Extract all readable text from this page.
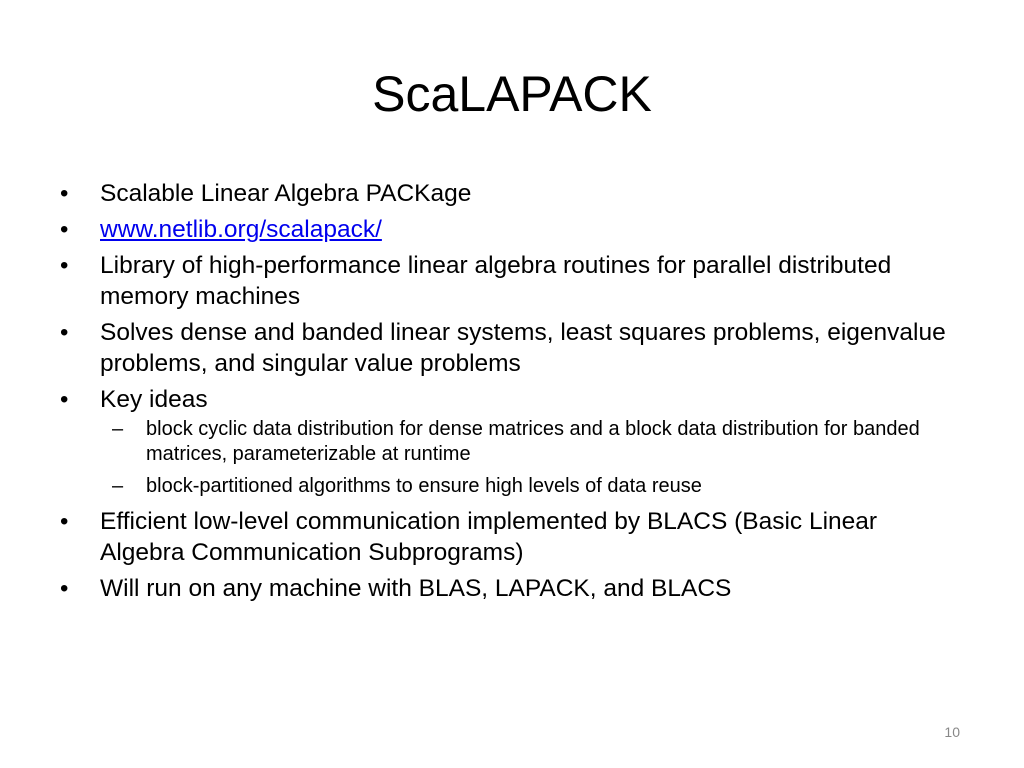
ScaLAPACK
• Scalable Linear Algebra PACKage
• www.netlib.org/scalapack/
• Library of high-performance linear algebra routines for parallel distributed memory machines
• Solves dense and banded linear systems, least squares problems, eigenvalue problems, and singular value problems
• Key ideas
– block cyclic data distribution for dense matrices and a block data distribution for banded matrices, parameterizable at runtime
– block-partitioned algorithms to ensure high levels of data reuse
• Efficient low-level communication implemented by BLACS (Basic Linear Algebra Communication Subprograms)
• Will run on any machine with BLAS, LAPACK, and BLACS
10
